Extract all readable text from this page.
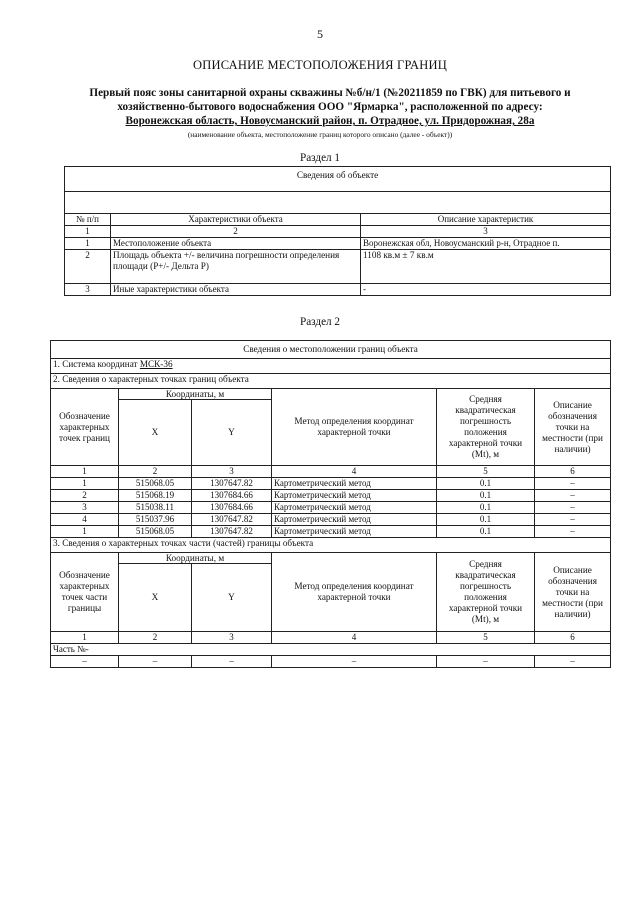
5
ОПИСАНИЕ МЕСТОПОЛОЖЕНИЯ ГРАНИЦ
Первый пояс зоны санитарной охраны скважины №б/н/1 (№20211859 по ГВК) для питьевого и
хозяйственно-бытового водоснабжения ООО "Ярмарка", расположенной по адресу:
Воронежская область, Новоусманский район, п. Отрадное, ул. Придорожная, 28а
(наименование объекта, местоположение границ которого описано (далее - объект))
Раздел 1
Сведения об объекте		

№ п/п	Характеристики объекта	Описание характеристик
1	2	3
1	Местоположение объекта	Воронежская обл, Новоусманский р-н, Отрадное п.
2	Площадь объекта +/- величина погрешности определения площади (Р+/- Дельта Р)	1108 кв.м ± 7 кв.м
3	Иные характеристики объекта	-
Раздел 2
Сведения о местоположении границ объекта					
1. Система координат МСК-36					
2. Сведения о характерных точках границ объекта					
Обозначение характерных точек границ	Координаты, м		Метод определения координат характерной точки	Средняя квадратическая погрешность положения характерной точки (Мt), м	Описание обозначения точки на местности (при наличии)
	X	Y			
1	2	3	4	5	6
1	515068.05	1307647.82	Картометрический метод	0.1	–
2	515068.19	1307684.66	Картометрический метод	0.1	–
3	515038.11	1307684.66	Картометрический метод	0.1	–
4	515037.96	1307647.82	Картометрический метод	0.1	–
1	515068.05	1307647.82	Картометрический метод	0.1	–
3. Сведения о характерных точках части (частей) границы объекта					
Обозначение характерных точек части границы	Координаты, м		Метод определения координат характерной точки	Средняя квадратическая погрешность положения характерной точки (Мt), м	Описание обозначения точки на местности (при наличии)
	X	Y			
1	2	3	4	5	6
Часть №-					
–	–	–	–	–	–
